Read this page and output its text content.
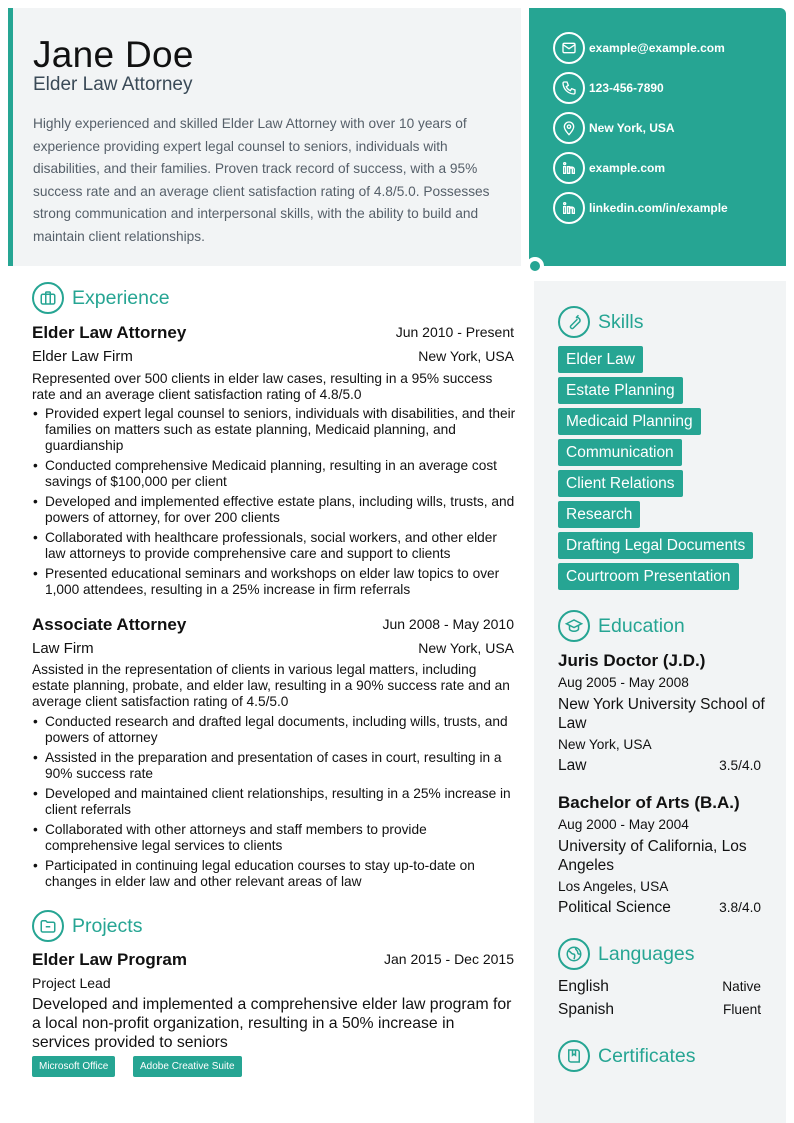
Jane Doe
Elder Law Attorney
Highly experienced and skilled Elder Law Attorney with over 10 years of experience providing expert legal counsel to seniors, individuals with disabilities, and their families. Proven track record of success, with a 95% success rate and an average client satisfaction rating of 4.8/5.0. Possesses strong communication and interpersonal skills, with the ability to build and maintain client relationships.
example@example.com
123-456-7890
New York, USA
example.com
linkedin.com/in/example
Experience
Elder Law Attorney	Jun 2010 - Present
Elder Law Firm	New York, USA
Represented over 500 clients in elder law cases, resulting in a 95% success rate and an average client satisfaction rating of 4.8/5.0
• Provided expert legal counsel to seniors, individuals with disabilities, and their families on matters such as estate planning, Medicaid planning, and guardianship
• Conducted comprehensive Medicaid planning, resulting in an average cost savings of $100,000 per client
• Developed and implemented effective estate plans, including wills, trusts, and powers of attorney, for over 200 clients
• Collaborated with healthcare professionals, social workers, and other elder law attorneys to provide comprehensive care and support to clients
• Presented educational seminars and workshops on elder law topics to over 1,000 attendees, resulting in a 25% increase in firm referrals
Associate Attorney	Jun 2008 - May 2010
Law Firm	New York, USA
Assisted in the representation of clients in various legal matters, including estate planning, probate, and elder law, resulting in a 90% success rate and an average client satisfaction rating of 4.5/5.0
• Conducted research and drafted legal documents, including wills, trusts, and powers of attorney
• Assisted in the preparation and presentation of cases in court, resulting in a 90% success rate
• Developed and maintained client relationships, resulting in a 25% increase in client referrals
• Collaborated with other attorneys and staff members to provide comprehensive legal services to clients
• Participated in continuing legal education courses to stay up-to-date on changes in elder law and other relevant areas of law
Projects
Elder Law Program	Jan 2015 - Dec 2015
Project Lead
Developed and implemented a comprehensive elder law program for a local non-profit organization, resulting in a 50% increase in services provided to seniors
Microsoft Office	Adobe Creative Suite
Skills
Elder Law
Estate Planning
Medicaid Planning
Communication
Client Relations
Research
Drafting Legal Documents
Courtroom Presentation
Education
Juris Doctor (J.D.)
Aug 2005 - May 2008
New York University School of Law
New York, USA
Law	3.5/4.0
Bachelor of Arts (B.A.)
Aug 2000 - May 2004
University of California, Los Angeles
Los Angeles, USA
Political Science	3.8/4.0
Languages
English	Native
Spanish	Fluent
Certificates
